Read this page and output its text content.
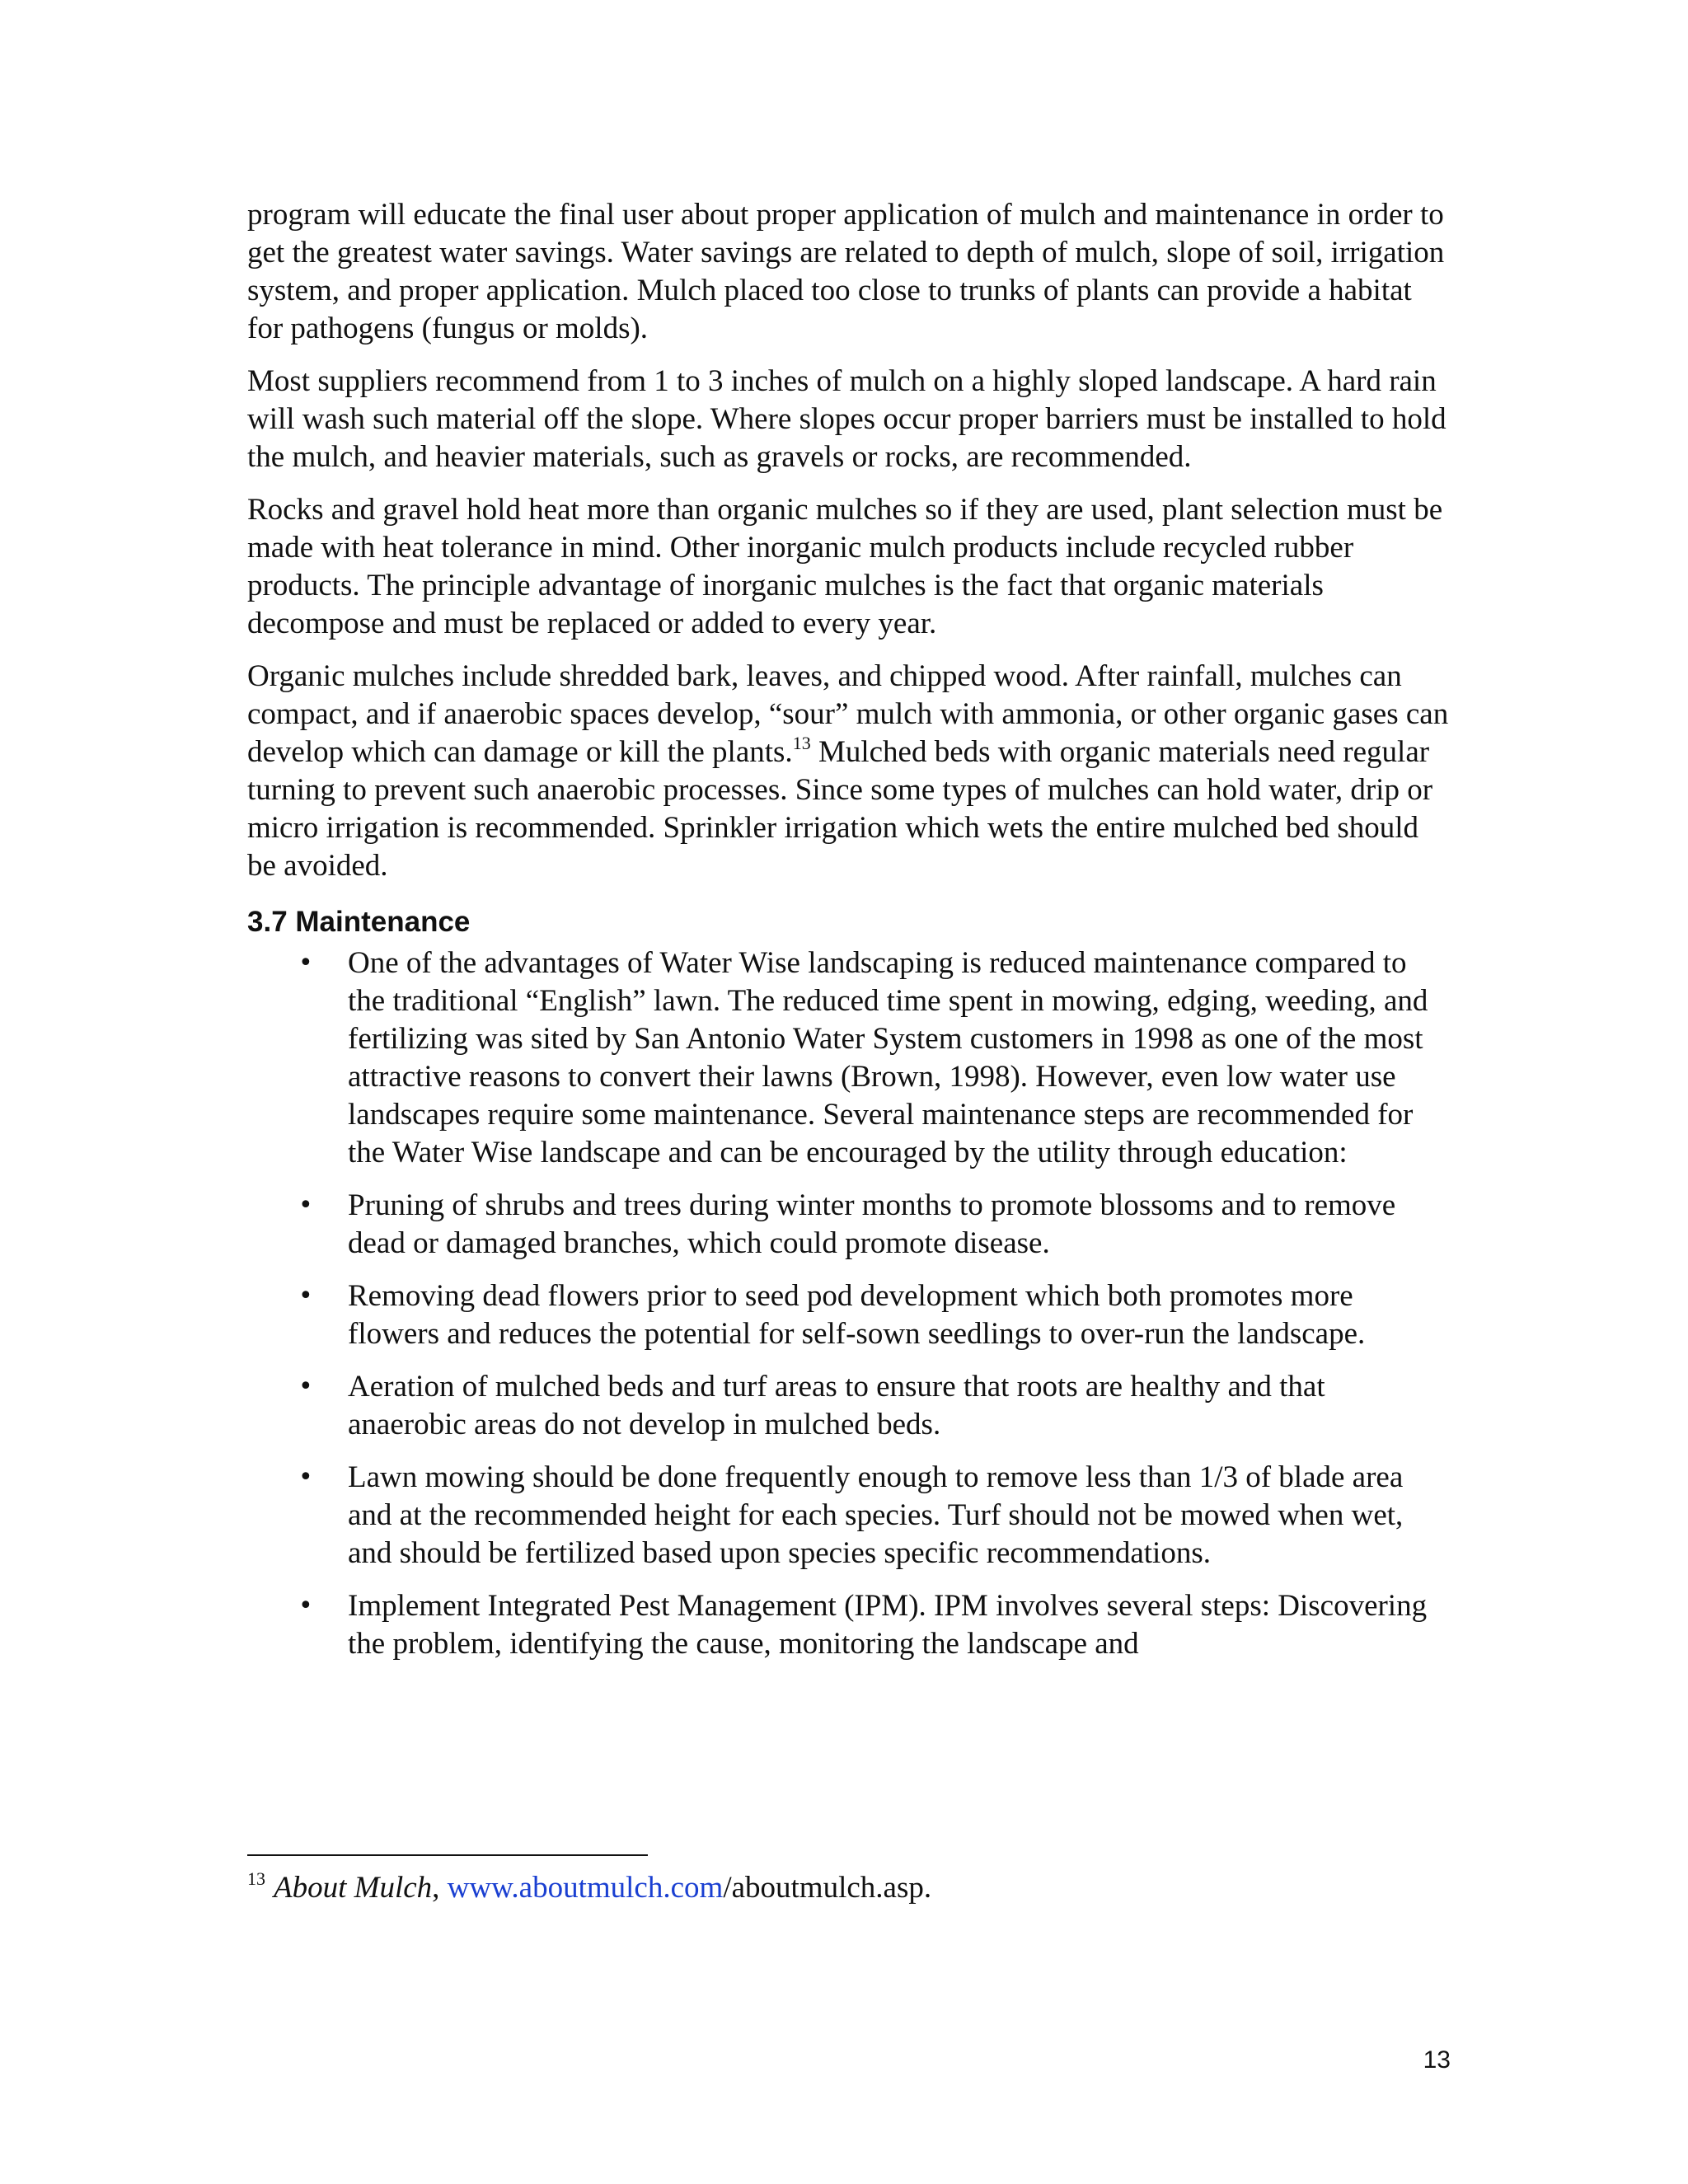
program will educate the final user about proper application of mulch and maintenance in order to get the greatest water savings. Water savings are related to depth of mulch, slope of soil, irrigation system, and proper application. Mulch placed too close to trunks of plants can provide a habitat for pathogens (fungus or molds).

Most suppliers recommend from 1 to 3 inches of mulch on a highly sloped landscape. A hard rain will wash such material off the slope. Where slopes occur proper barriers must be installed to hold the mulch, and heavier materials, such as gravels or rocks, are recommended.

Rocks and gravel hold heat more than organic mulches so if they are used, plant selection must be made with heat tolerance in mind. Other inorganic mulch products include recycled rubber products. The principle advantage of inorganic mulches is the fact that organic materials decompose and must be replaced or added to every year.

Organic mulches include shredded bark, leaves, and chipped wood. After rainfall, mulches can compact, and if anaerobic spaces develop, “sour” mulch with ammonia, or other organic gases can develop which can damage or kill the plants.$^{13}$ Mulched beds with organic materials need regular turning to prevent such anaerobic processes. Since some types of mulches can hold water, drip or micro irrigation is recommended. Sprinkler irrigation which wets the entire mulched bed should be avoided.

3.7 Maintenance
• One of the advantages of Water Wise landscaping is reduced maintenance compared to the traditional “English” lawn. The reduced time spent in mowing, edging, weeding, and fertilizing was sited by San Antonio Water System customers in 1998 as one of the most attractive reasons to convert their lawns (Brown, 1998). However, even low water use landscapes require some maintenance. Several maintenance steps are recommended for the Water Wise landscape and can be encouraged by the utility through education:
• Pruning of shrubs and trees during winter months to promote blossoms and to remove dead or damaged branches, which could promote disease.
• Removing dead flowers prior to seed pod development which both promotes more flowers and reduces the potential for self-sown seedlings to over-run the landscape.
• Aeration of mulched beds and turf areas to ensure that roots are healthy and that anaerobic areas do not develop in mulched beds.
• Lawn mowing should be done frequently enough to remove less than 1/3 of blade area and at the recommended height for each species. Turf should not be mowed when wet, and should be fertilized based upon species specific recommendations.
• Implement Integrated Pest Management (IPM). IPM involves several steps: Discovering the problem, identifying the cause, monitoring the landscape and
$^{13}$ About Mulch, www.aboutmulch.com/aboutmulch.asp.
13
